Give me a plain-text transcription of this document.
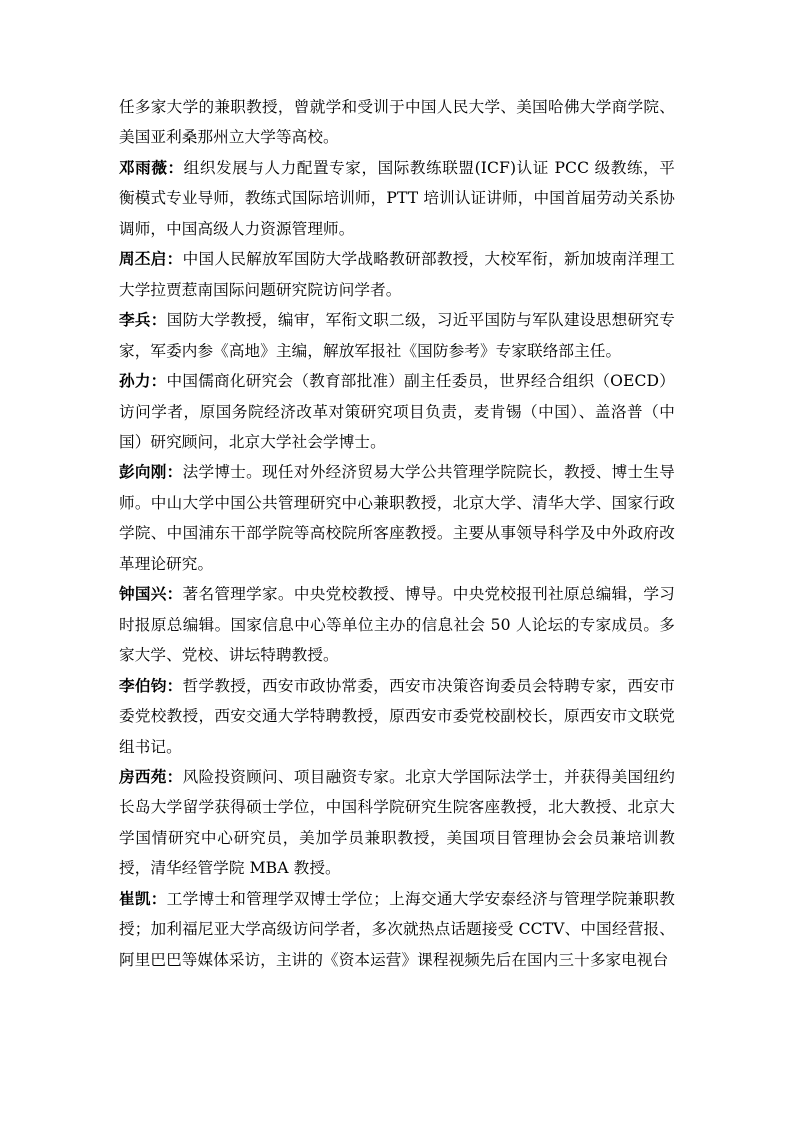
任多家大学的兼职教授，曾就学和受训于中国人民大学、美国哈佛大学商学院、美国亚利桑那州立大学等高校。

邓雨薇：组织发展与人力配置专家，国际教练联盟(ICF)认证 PCC 级教练，平衡模式专业导师，教练式国际培训师，PTT 培训认证讲师，中国首届劳动关系协调师，中国高级人力资源管理师。

周丕启：中国人民解放军国防大学战略教研部教授，大校军衔，新加坡南洋理工大学拉贾惹南国际问题研究院访问学者。

李兵：国防大学教授，编审，军衔文职二级，习近平国防与军队建设思想研究专家，军委内参《高地》主编，解放军报社《国防参考》专家联络部主任。

孙力：中国儒商化研究会（教育部批准）副主任委员，世界经合组织（OECD）访问学者，原国务院经济改革对策研究项目负责，麦肯锡（中国）、盖洛普（中国）研究顾问，北京大学社会学博士。

彭向刚：法学博士。现任对外经济贸易大学公共管理学院院长，教授、博士生导师。中山大学中国公共管理研究中心兼职教授，北京大学、清华大学、国家行政学院、中国浦东干部学院等高校院所客座教授。主要从事领导科学及中外政府改革理论研究。

钟国兴：著名管理学家。中央党校教授、博导。中央党校报刊社原总编辑，学习时报原总编辑。国家信息中心等单位主办的信息社会 50 人论坛的专家成员。多家大学、党校、讲坛特聘教授。

李伯钧：哲学教授，西安市政协常委，西安市决策咨询委员会特聘专家，西安市委党校教授，西安交通大学特聘教授，原西安市委党校副校长，原西安市文联党组书记。

房西苑：风险投资顾问、项目融资专家。北京大学国际法学士，并获得美国纽约长岛大学留学获得硕士学位，中国科学院研究生院客座教授，北大教授、北京大学国情研究中心研究员，美加学员兼职教授，美国项目管理协会会员兼培训教授，清华经管学院 MBA 教授。

崔凯：工学博士和管理学双博士学位；上海交通大学安泰经济与管理学院兼职教授；加利福尼亚大学高级访问学者，多次就热点话题接受 CCTV、中国经营报、阿里巴巴等媒体采访，主讲的《资本运营》课程视频先后在国内三十多家电视台
